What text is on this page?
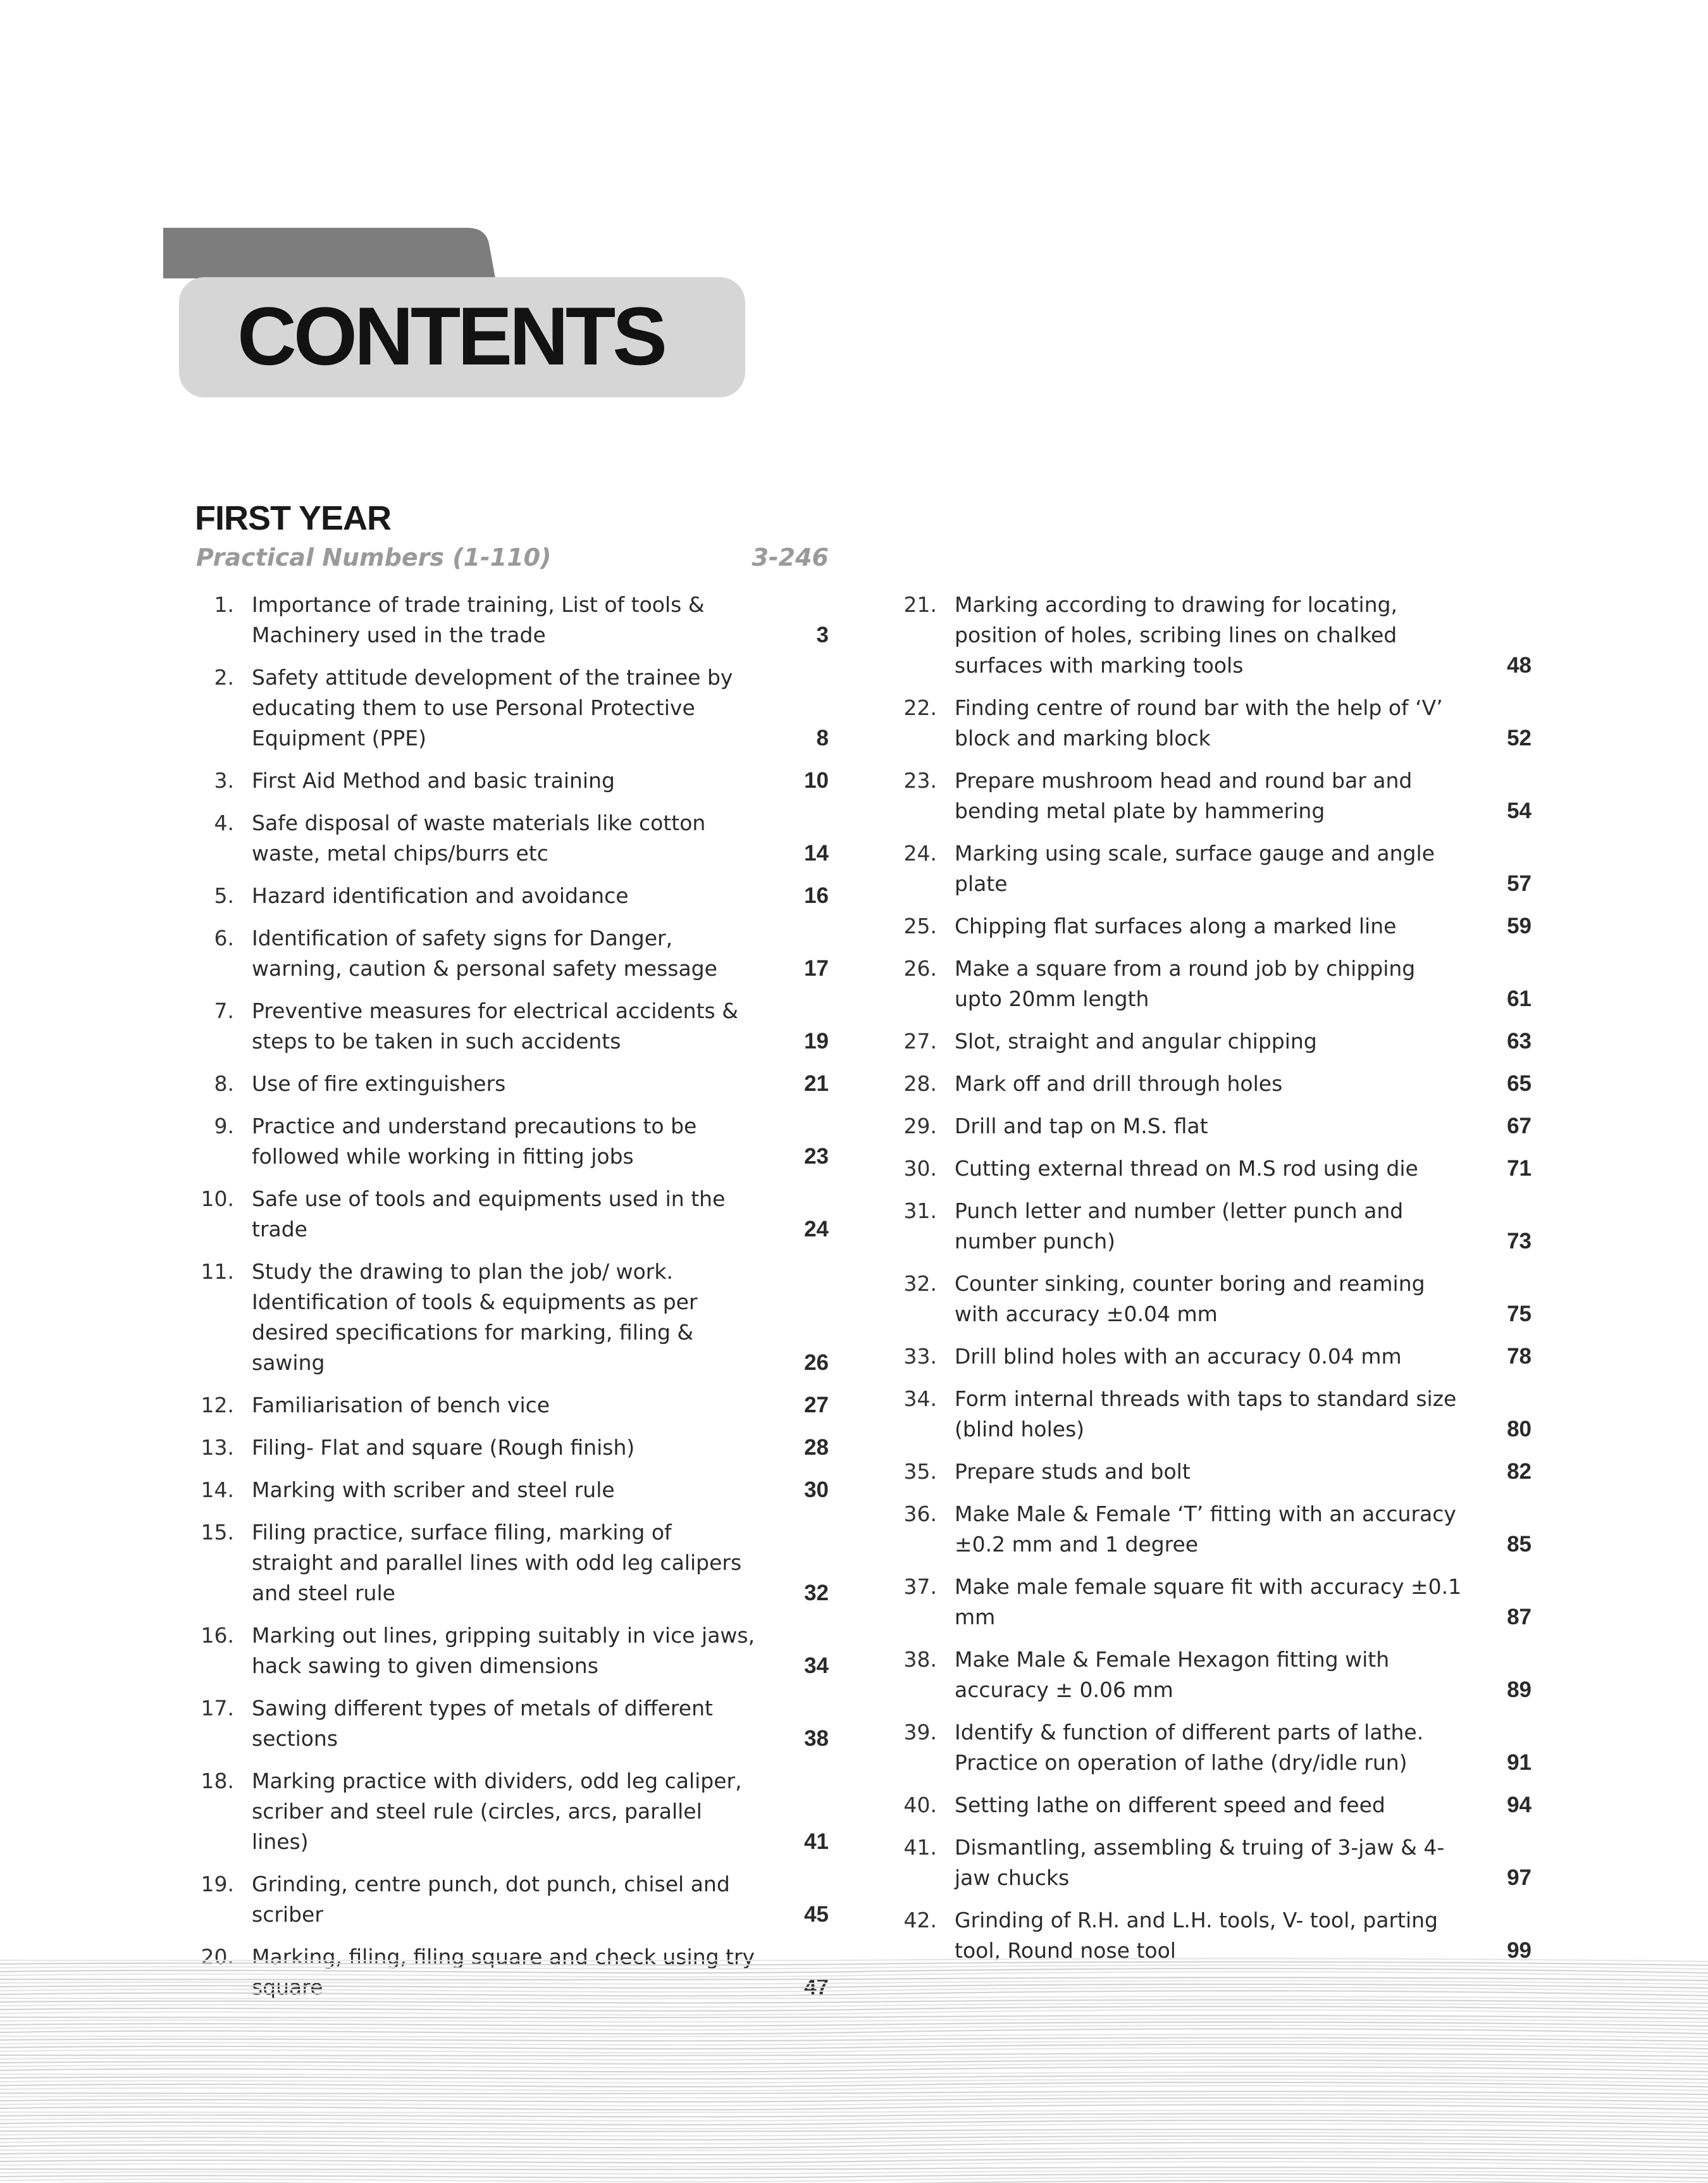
CONTENTS
FIRST YEAR
Practical Numbers (1-110)	3-246
1. Importance of trade training, List of tools & Machinery used in the trade	3
2. Safety attitude development of the trainee by educating them to use Personal Protective Equipment (PPE)	8
3. First Aid Method and basic training	10
4. Safe disposal of waste materials like cotton waste, metal chips/burrs etc	14
5. Hazard identification and avoidance	16
6. Identification of safety signs for Danger, warning, caution & personal safety message	17
7. Preventive measures for electrical accidents & steps to be taken in such accidents	19
8. Use of fire extinguishers	21
9. Practice and understand precautions to be followed while working in fitting jobs	23
10. Safe use of tools and equipments used in the trade	24
11. Study the drawing to plan the job/ work. Identification of tools & equipments as per desired specifications for marking, filing & sawing	26
12. Familiarisation of bench vice	27
13. Filing- Flat and square (Rough finish)	28
14. Marking with scriber and steel rule	30
15. Filing practice, surface filing, marking of straight and parallel lines with odd leg calipers and steel rule	32
16. Marking out lines, gripping suitably in vice jaws, hack sawing to given dimensions	34
17. Sawing different types of metals of different sections	38
18. Marking practice with dividers, odd leg caliper, scriber and steel rule (circles, arcs, parallel lines)	41
19. Grinding, centre punch, dot punch, chisel and scriber	45
20. Marking, filing, filing square and check using try square	47
21. Marking according to drawing for locating, position of holes, scribing lines on chalked surfaces with marking tools	48
22. Finding centre of round bar with the help of ‘V’ block and marking block	52
23. Prepare mushroom head and round bar and bending metal plate by hammering	54
24. Marking using scale, surface gauge and angle plate	57
25. Chipping flat surfaces along a marked line	59
26. Make a square from a round job by chipping upto 20mm length	61
27. Slot, straight and angular chipping	63
28. Mark off and drill through holes	65
29. Drill and tap on M.S. flat	67
30. Cutting external thread on M.S rod using die	71
31. Punch letter and number (letter punch and number punch)	73
32. Counter sinking, counter boring and reaming with accuracy ±0.04 mm	75
33. Drill blind holes with an accuracy 0.04 mm	78
34. Form internal threads with taps to standard size (blind holes)	80
35. Prepare studs and bolt	82
36. Make Male & Female ‘T’ fitting with an accuracy ±0.2 mm and 1 degree	85
37. Make male female square fit with accuracy ±0.1 mm	87
38. Make Male & Female Hexagon fitting with accuracy ± 0.06 mm	89
39. Identify & function of different parts of lathe. Practice on operation of lathe (dry/idle run)	91
40. Setting lathe on different speed and feed	94
41. Dismantling, assembling & truing of 3-jaw & 4-jaw chucks	97
42. Grinding of R.H. and L.H. tools, V- tool, parting tool, Round nose tool	99
